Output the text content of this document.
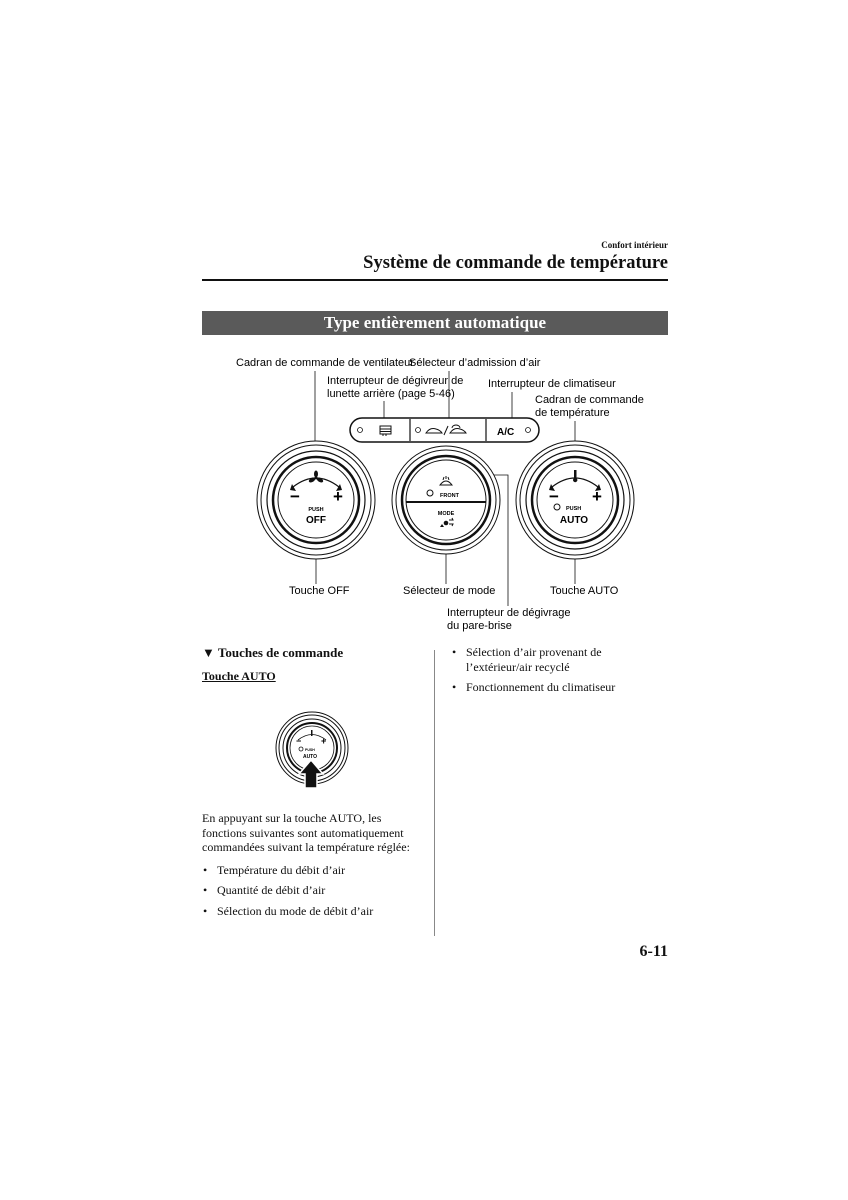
Confort intérieur
Système de commande de température
Type entièrement automatique
Cadran de commande de ventilateur
Sélecteur d’admission d’air
Interrupteur de dégivreur de
lunette arrière (page 5-46)
Interrupteur de climatiseur
Cadran de commande
de température
Touche OFF	Sélecteur de mode	Touche AUTO
Interrupteur de dégivrage
du pare-brise
A/C
− +
PUSH
OFF
FRONT
MODE
− +
PUSH
AUTO
▼ Touches de commande
Touche AUTO
− +
PUSH
AUTO
En appuyant sur la touche AUTO, les fonctions suivantes sont automatiquement commandées suivant la température réglée:
• Température du débit d’air
• Quantité de débit d’air
• Sélection du mode de débit d’air
• Sélection d’air provenant de l’extérieur/air recyclé
• Fonctionnement du climatiseur
6-11
